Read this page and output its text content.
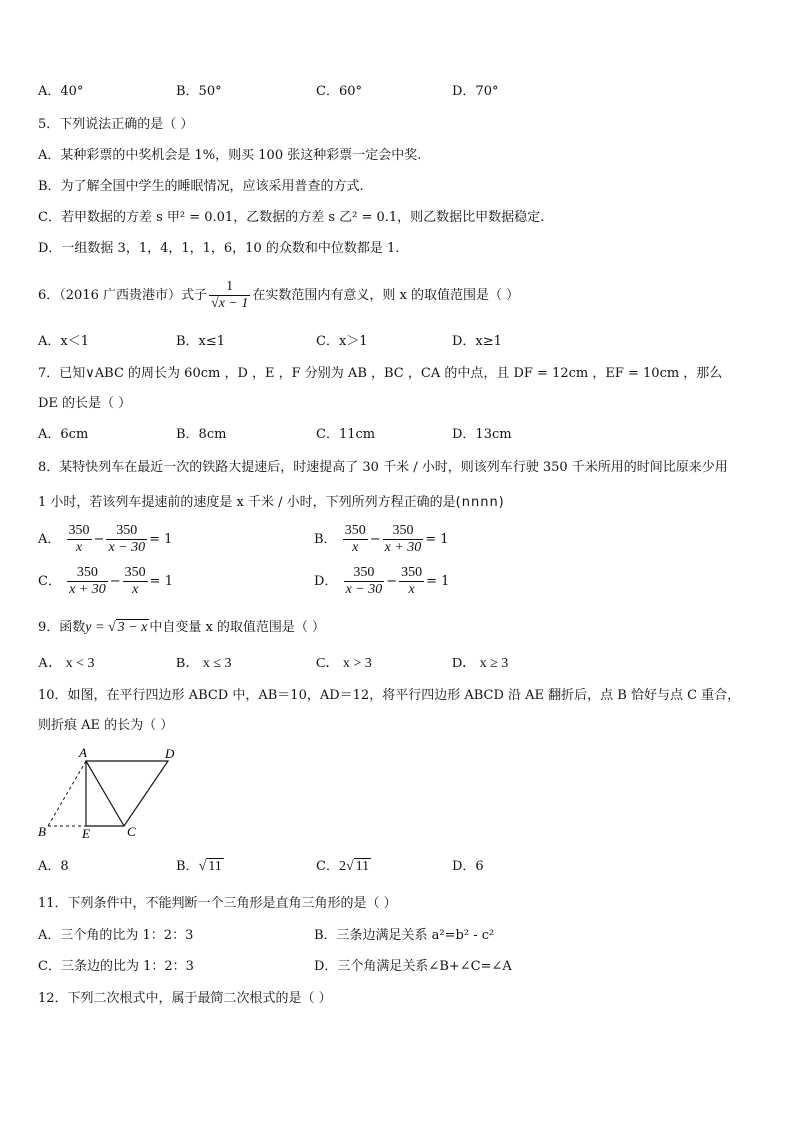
A．40°	B．50°	C．60°	D．70°
5．下列说法正确的是（ ）
A．某种彩票的中奖机会是 1%，则买 100 张这种彩票一定会中奖.
B．为了解全国中学生的睡眠情况，应该采用普查的方式.
C．若甲数据的方差 s 甲² = 0.01，乙数据的方差 s 乙² = 0.1，则乙数据比甲数据稳定.
D．一组数据 3，1，4，1，1，6，10 的众数和中位数都是 1.
6．（2016 广西贵港市）式子 $\frac{1}{√x - 1}$ 在实数范围内有意义，则 x 的取值范围是（ ）
A．x＜1	B．x≤1	C．x＞1	D．x≥1
7．已知∨ABC 的周长为 60cm ，D ，E ，F 分别为 AB ，BC ，CA 的中点，且 DF = 12cm ，EF = 10cm ，那么
DE 的长是（ ）
A．6cm	B．8cm	C．11cm	D．13cm
8．某特快列车在最近一次的铁路大提速后，时速提高了 30 千米 / 小时，则该列车行驶 350 千米所用的时间比原来少用
1 小时，若该列车提速前的速度是 x 千米 / 小时，下列所列方程正确的是(nnnn)
A． $\frac{350}{x} - \frac{350}{x - 30} = 1$	B． $\frac{350}{x} - \frac{350}{x + 30} = 1$
C． $\frac{350}{x + 30} - \frac{350}{x} = 1$	D． $\frac{350}{x - 30} - \frac{350}{x} = 1$
9．函数y = √ 3 − x 中自变量 x 的取值范围是（ ）
A． x < 3	B． x ≤ 3	C． x > 3	D． x ≥ 3
10．如图，在平行四边形 ABCD 中，AB＝10，AD＝12，将平行四边形 ABCD 沿 AE 翻折后，点 B 恰好与点 C 重合，
则折痕 AE 的长为（ ）
A	D
B	E	C
A．8	B．√ 11	C．2√ 11	D．6
11．下列条件中，不能判断一个三角形是直角三角形的是（ ）
A．三个角的比为 1：2：3	B．三条边满足关系 a²=b² - c²
C．三条边的比为 1：2：3	D．三个角满足关系∠B+∠C=∠A
12．下列二次根式中，属于最简二次根式的是（ ）
